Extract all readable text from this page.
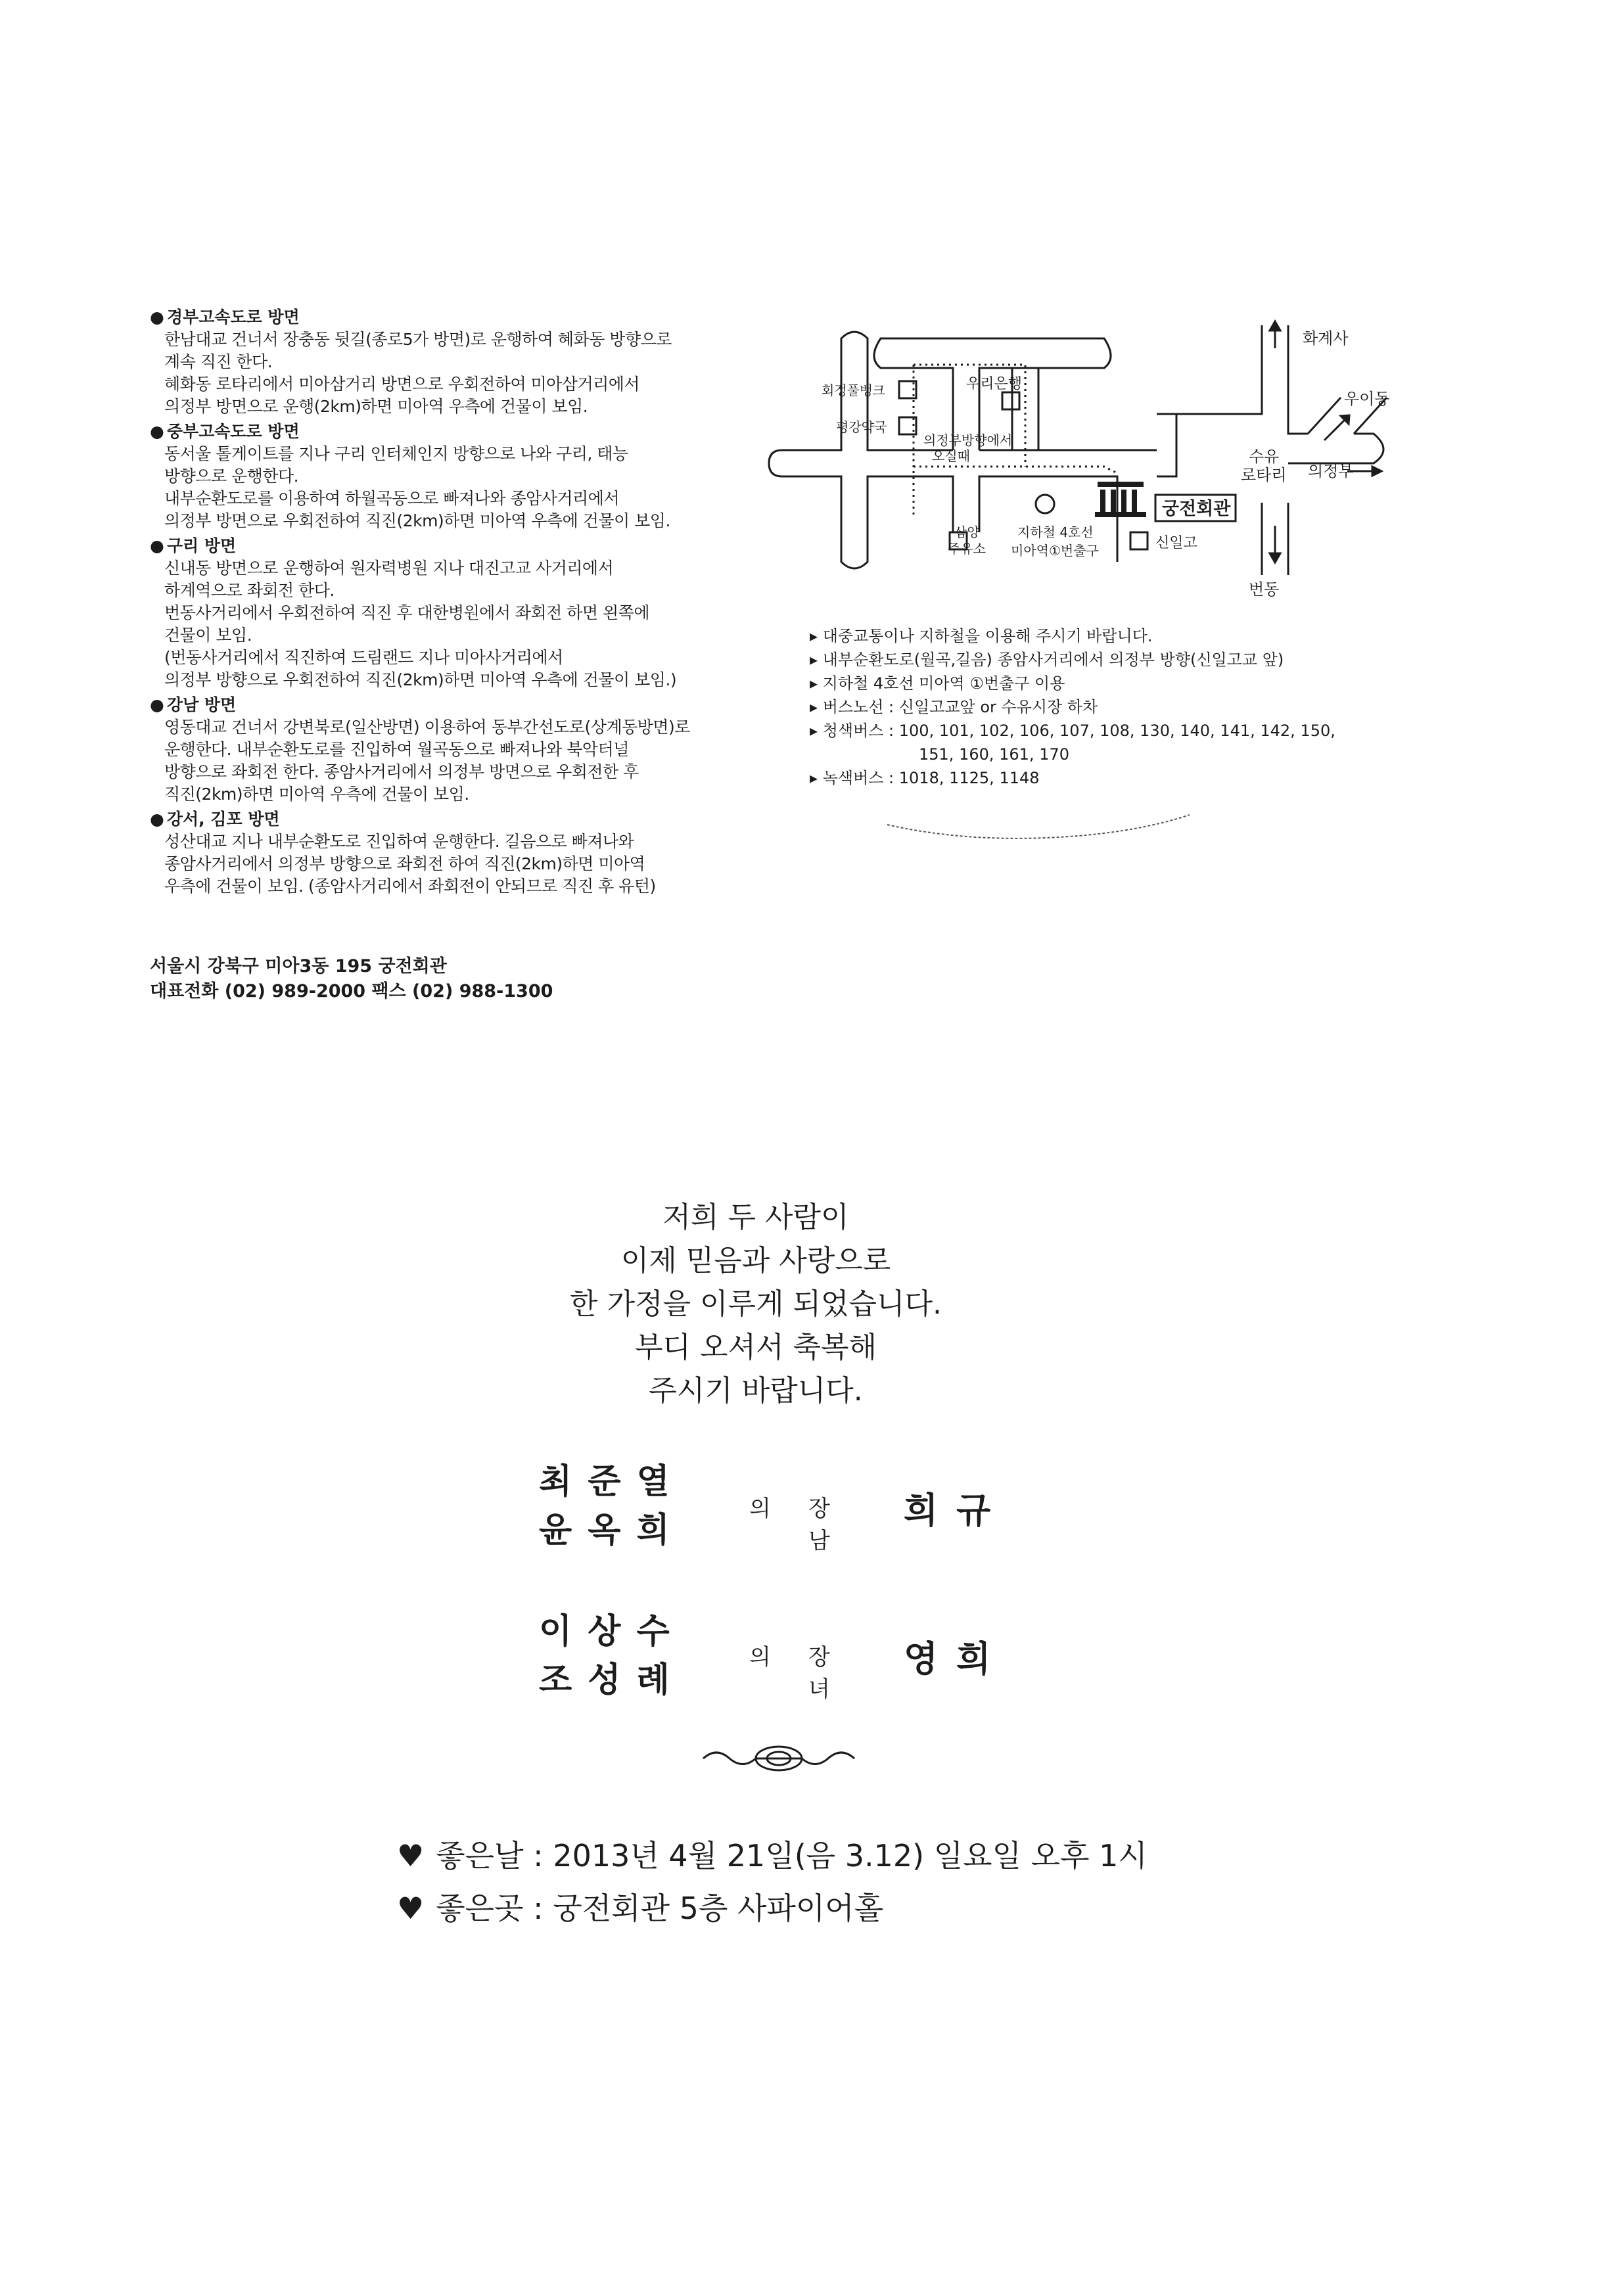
● 경부고속도로 방면
한남대교 건너서 장충동 뒷길(종로5가 방면)로 운행하여 혜화동 방향으로
계속 직진 한다.
혜화동 로타리에서 미아삼거리 방면으로 우회전하여 미아삼거리에서
의정부 방면으로 운행(2km)하면 미아역 우측에 건물이 보임.
● 중부고속도로 방면
동서울 톨게이트를 지나 구리 인터체인지 방향으로 나와 구리, 태능
방향으로 운행한다.
내부순환도로를 이용하여 하월곡동으로 빠져나와 종암사거리에서
의정부 방면으로 우회전하여 직진(2km)하면 미아역 우측에 건물이 보임.
● 구리 방면
신내동 방면으로 운행하여 원자력병원 지나 대진고교 사거리에서
하계역으로 좌회전 한다.
번동사거리에서 우회전하여 직진 후 대한병원에서 좌회전 하면 왼쪽에
건물이 보임.
(번동사거리에서 직진하여 드림랜드 지나 미아사거리에서
의정부 방향으로 우회전하여 직진(2km)하면 미아역 우측에 건물이 보임.)
● 강남 방면
영동대교 건너서 강변북로(일산방면) 이용하여 동부간선도로(상계동방면)로
운행한다. 내부순환도로를 진입하여 월곡동으로 빠져나와 북악터널
방향으로 좌회전 한다. 종암사거리에서 의정부 방면으로 우회전한 후
직진(2km)하면 미아역 우측에 건물이 보임.
● 강서, 김포 방면
성산대교 지나 내부순환도로 진입하여 운행한다. 길음으로 빠져나와
종암사거리에서 의정부 방향으로 좌회전 하여 직진(2km)하면 미아역
우측에 건물이 보임. (종암사거리에서 좌회전이 안되므로 직진 후 유턴)
서울시 강북구 미아3동 195 궁전회관
대표전화 (02) 989-2000 팩스 (02) 988-1300
화계사
우이동
수유
로타리 의정부
번동
회정풀뱅크
평강약국
우리은행
의정부방향에서
오실때
궁전회관
삼양
주유소
지하철 4호선
미아역①번출구	신일고
▸ 대중교통이나 지하철을 이용해 주시기 바랍니다.
▸ 내부순환도로(월곡,길음) 종암사거리에서 의정부 방향(신일고교 앞)
▸ 지하철 4호선 미아역 ①번출구 이용
▸ 버스노선 : 신일고교앞 or 수유시장 하차
▸ 청색버스 : 100, 101, 102, 106, 107, 108, 130, 140, 141, 142, 150,
151, 160, 161, 170
▸ 녹색버스 : 1018, 1125, 1148
저희 두 사람이
이제 믿음과 사랑으로
한 가정을 이루게 되었습니다.
부디 오셔서 축복해
주시기 바랍니다.
최준열
윤옥희
의 장남
희규
이상수
조성례
의 장녀
영희
♥ 좋은날 : 2013년 4월 21일(음 3.12) 일요일 오후 1시
♥ 좋은곳 : 궁전회관 5층 사파이어홀
